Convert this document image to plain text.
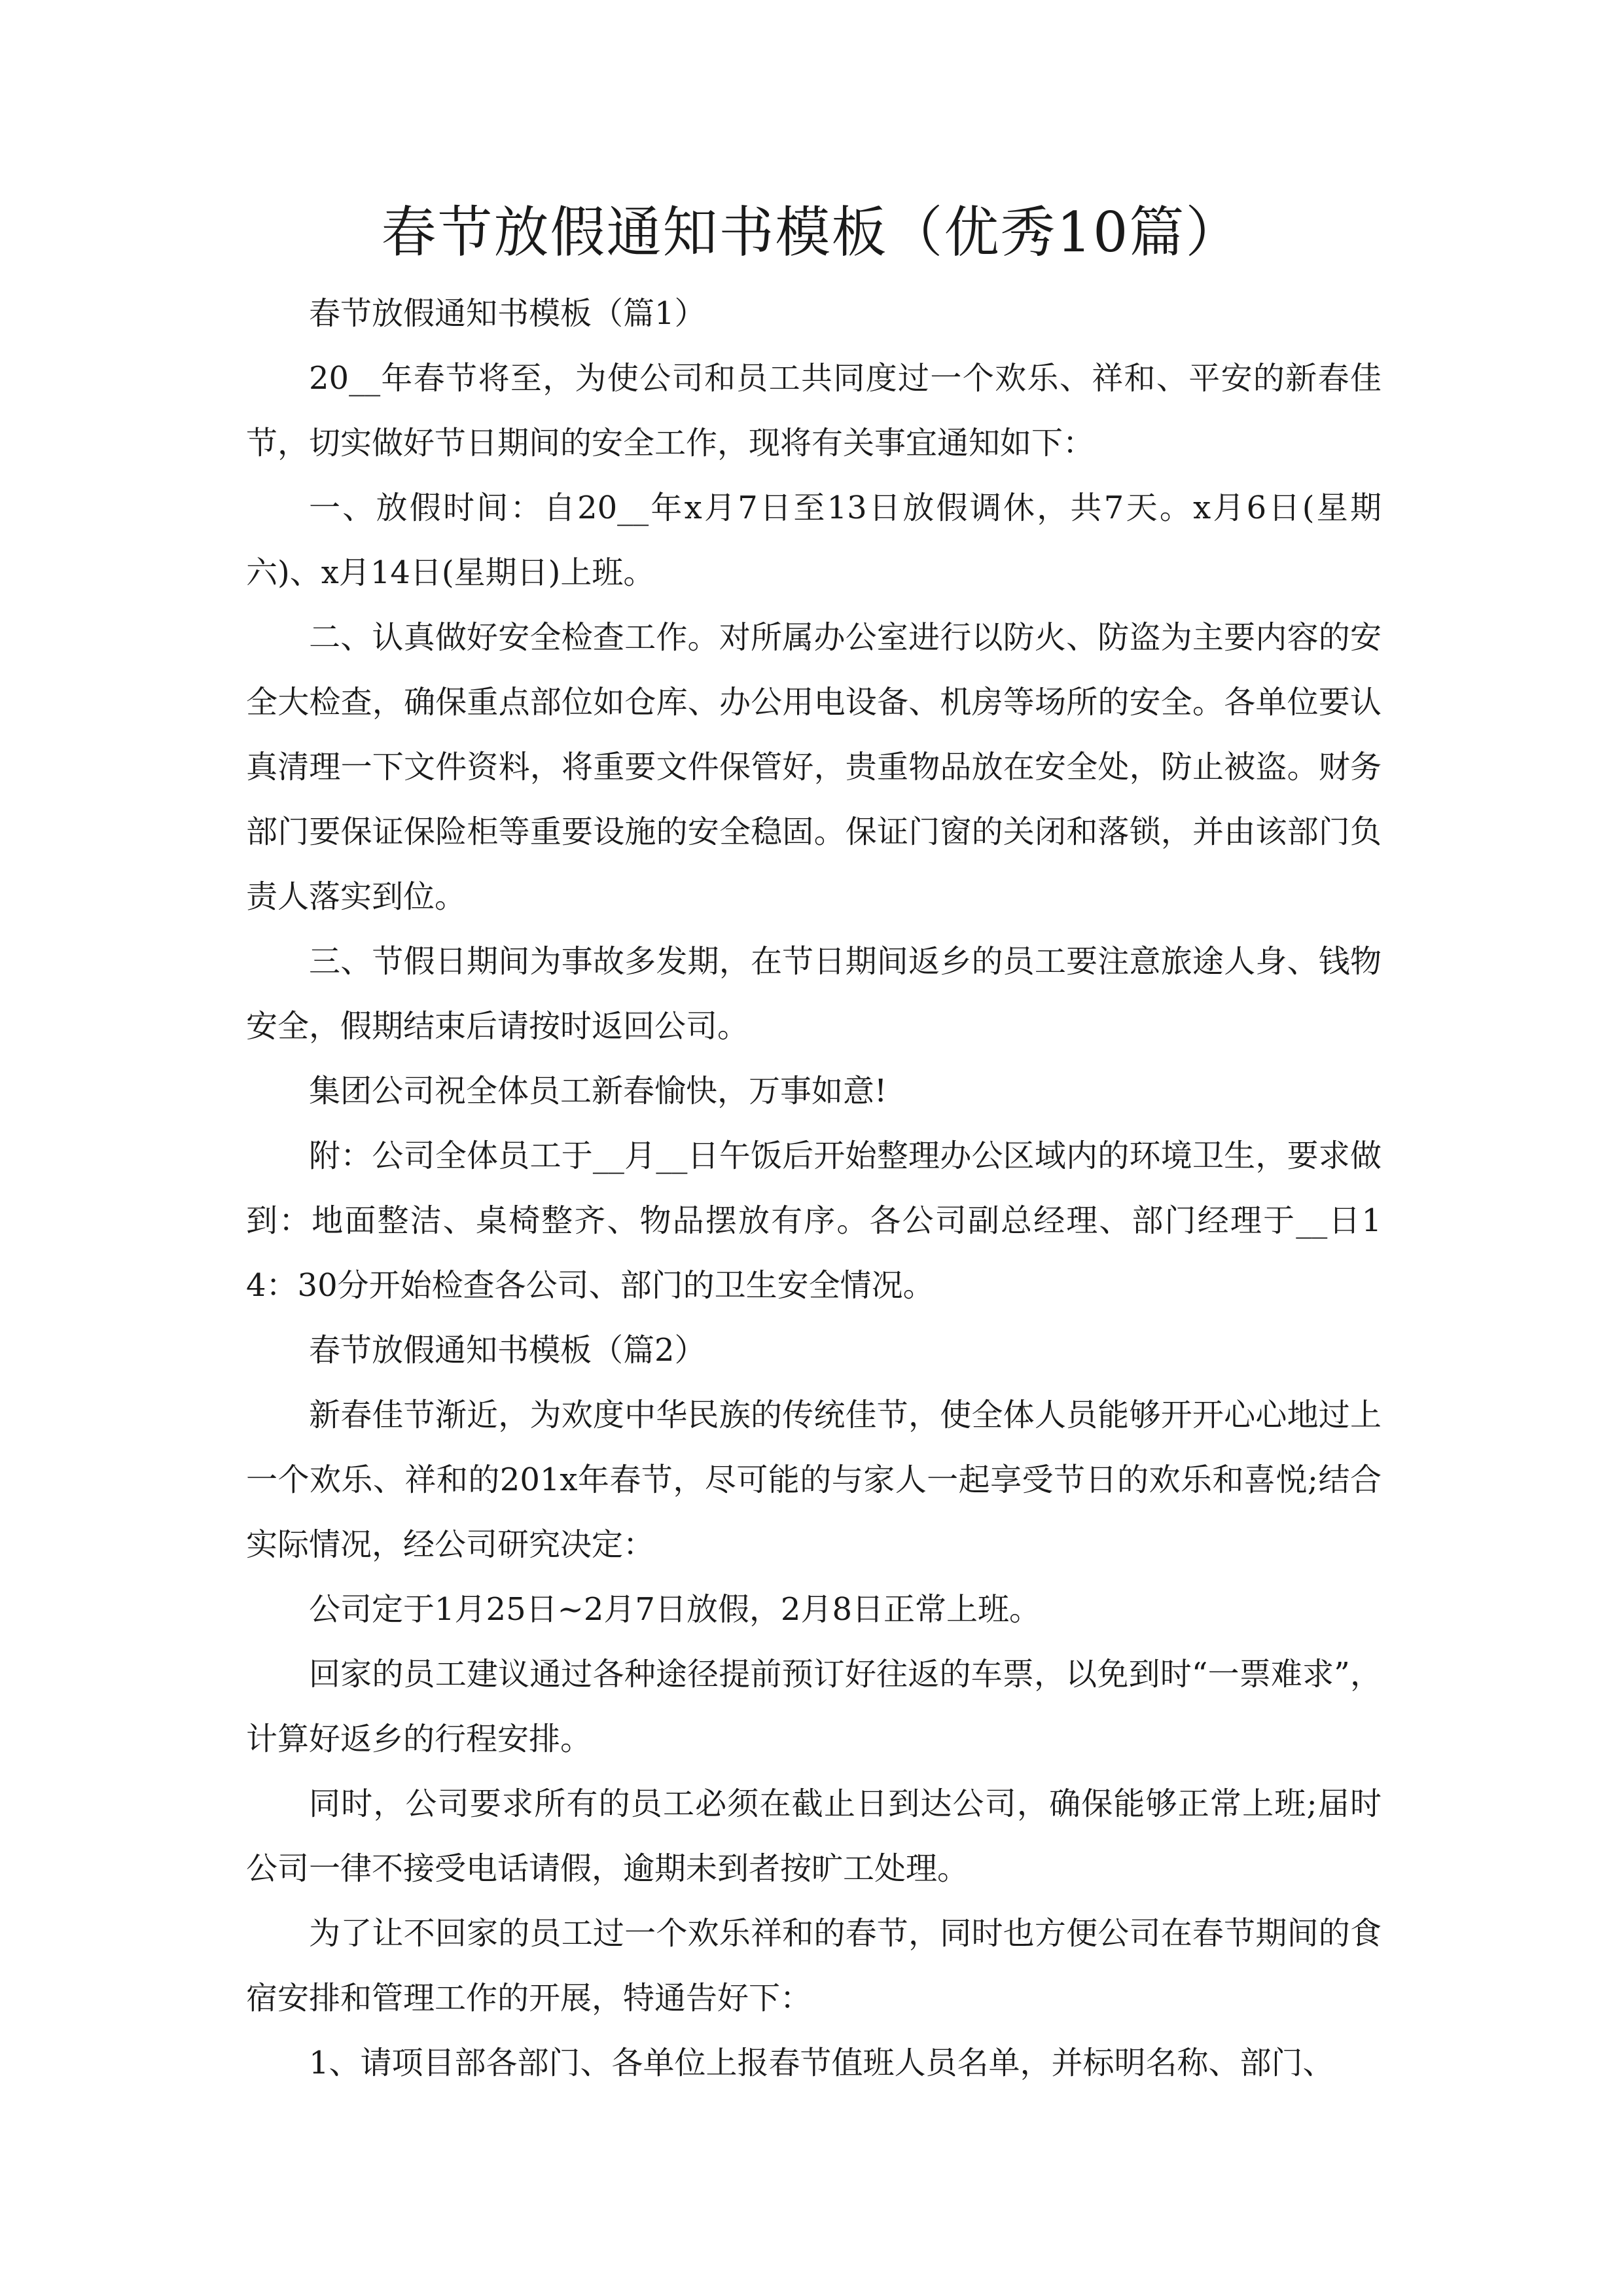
春节放假通知书模板（优秀10篇）

春节放假通知书模板（篇1）

20__年春节将至，为使公司和员工共同度过一个欢乐、祥和、平安的新春佳节，切实做好节日期间的安全工作，现将有关事宜通知如下：

一、放假时间：自20__年x月7日至13日放假调休，共7天。x月6日(星期六)、x月14日(星期日)上班。

二、认真做好安全检查工作。对所属办公室进行以防火、防盗为主要内容的安全大检查，确保重点部位如仓库、办公用电设备、机房等场所的安全。各单位要认真清理一下文件资料，将重要文件保管好，贵重物品放在安全处，防止被盗。财务部门要保证保险柜等重要设施的安全稳固。保证门窗的关闭和落锁，并由该部门负责人落实到位。

三、节假日期间为事故多发期，在节日期间返乡的员工要注意旅途人身、钱物安全，假期结束后请按时返回公司。

集团公司祝全体员工新春愉快，万事如意!

附：公司全体员工于__月__日午饭后开始整理办公区域内的环境卫生，要求做到：地面整洁、桌椅整齐、物品摆放有序。各公司副总经理、部门经理于__日14：30分开始检查各公司、部门的卫生安全情况。

春节放假通知书模板（篇2）

新春佳节渐近，为欢度中华民族的传统佳节，使全体人员能够开开心心地过上一个欢乐、祥和的201x年春节，尽可能的与家人一起享受节日的欢乐和喜悦;结合实际情况，经公司研究决定：

公司定于1月25日~2月7日放假，2月8日正常上班。

回家的员工建议通过各种途径提前预订好往返的车票，以免到时“一票难求”，计算好返乡的行程安排。

同时，公司要求所有的员工必须在截止日到达公司，确保能够正常上班;届时公司一律不接受电话请假，逾期未到者按旷工处理。

为了让不回家的员工过一个欢乐祥和的春节，同时也方便公司在春节期间的食宿安排和管理工作的开展，特通告好下：

1、请项目部各部门、各单位上报春节值班人员名单，并标明名称、部门、
